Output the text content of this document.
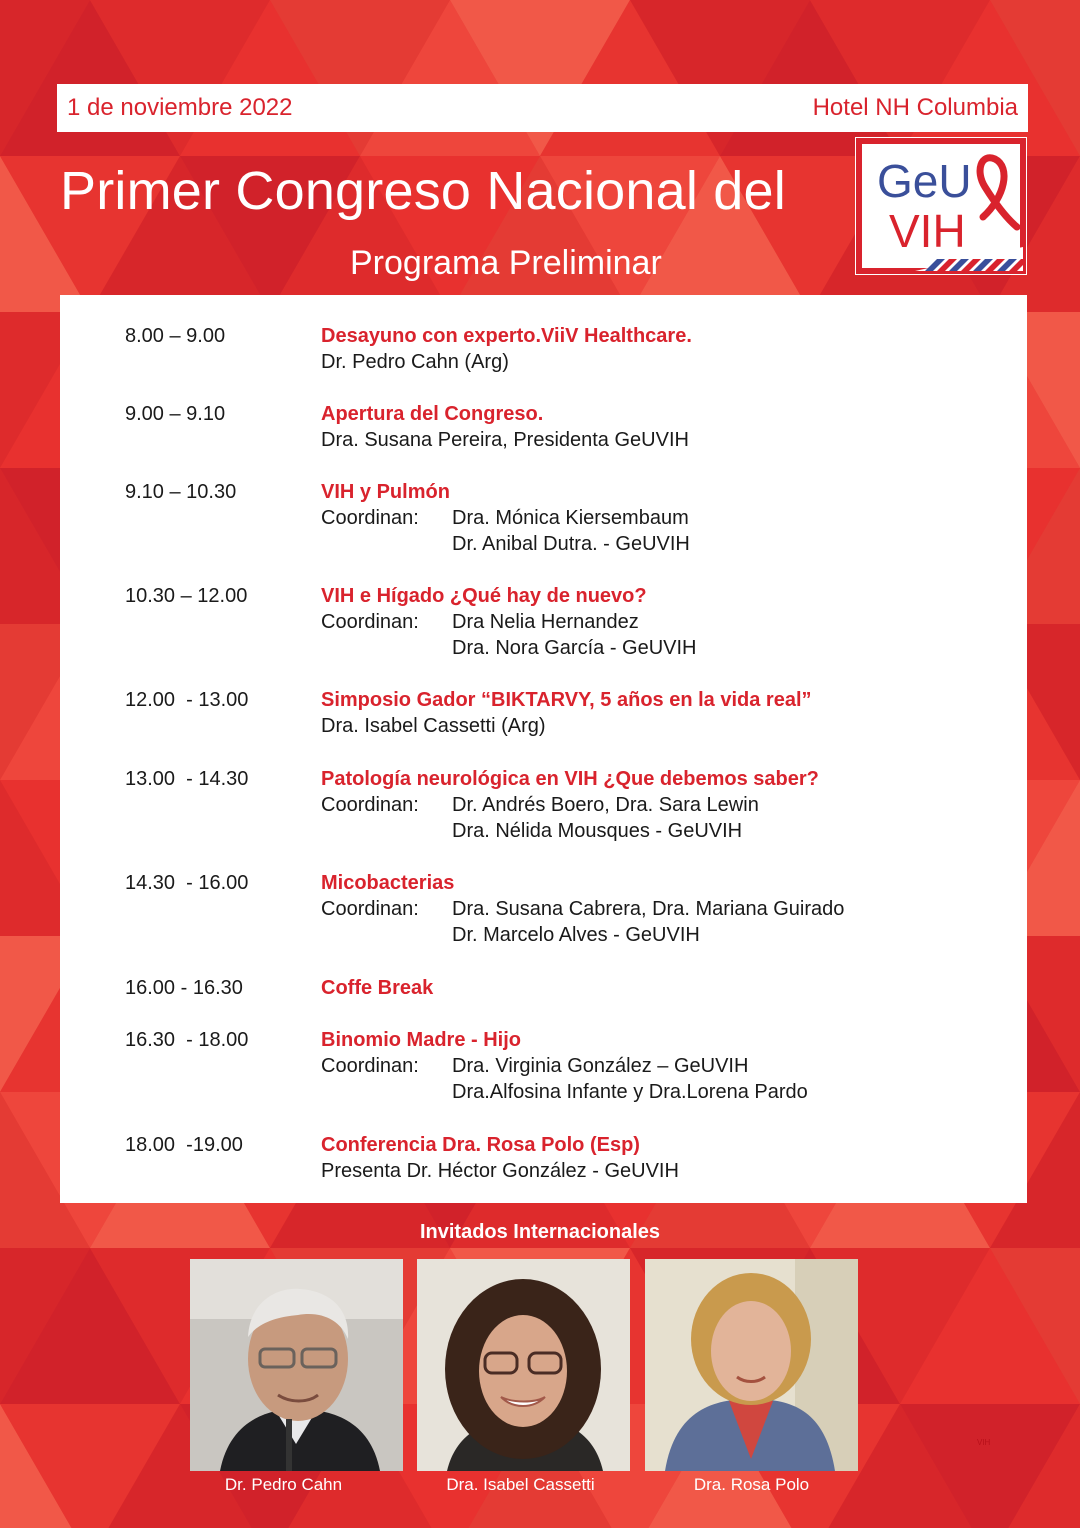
1 de noviembre 2022	Hotel NH Columbia
Primer Congreso Nacional del
Programa Preliminar
GeU
VIH
8.00 – 9.00	Desayuno con experto.ViiV Healthcare.
Dr. Pedro Cahn (Arg)
9.00 – 9.10	Apertura del Congreso.
Dra. Susana Pereira, Presidenta GeUVIH
9.10 – 10.30	VIH y Pulmón
Coordinan: Dra. Mónica Kiersembaum
Dr. Anibal Dutra. - GeUVIH
10.30 – 12.00	VIH e Hígado ¿Qué hay de nuevo?
Coordinan: Dra Nelia Hernandez
Dra. Nora García - GeUVIH
12.00  - 13.00	Simposio Gador “BIKTARVY, 5 años en la vida real”
Dra. Isabel Cassetti (Arg)
13.00  - 14.30	Patología neurológica en VIH ¿Que debemos saber?
Coordinan: Dr. Andrés Boero, Dra. Sara Lewin
Dra. Nélida Mousques - GeUVIH
14.30  - 16.00	Micobacterias
Coordinan: Dra. Susana Cabrera, Dra. Mariana Guirado
Dr. Marcelo Alves - GeUVIH
16.00 - 16.30	Coffe Break
16.30  - 18.00	Binomio Madre - Hijo
Coordinan: Dra. Virginia González – GeUVIH
Dra.Alfosina Infante y Dra.Lorena Pardo
18.00  -19.00	Conferencia Dra. Rosa Polo (Esp)
Presenta Dr. Héctor González - GeUVIH
Invitados Internacionales
Dr. Pedro Cahn	Dra. Isabel Cassetti	Dra. Rosa Polo
VIH
